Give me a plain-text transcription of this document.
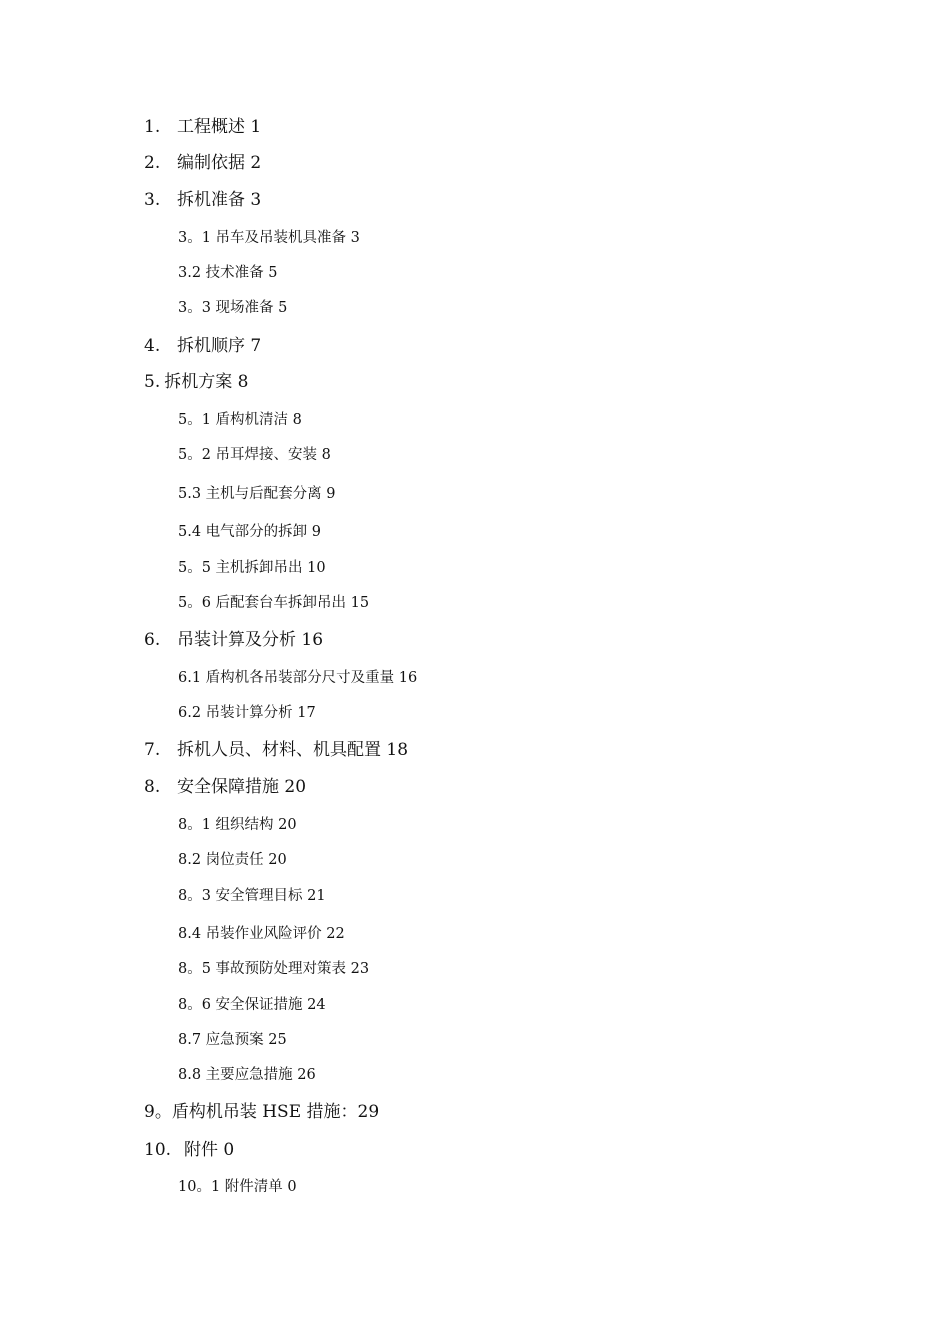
1. 工程概述 1
2. 编制依据 2
3. 拆机准备 3
3。1 吊车及吊装机具准备 3
3.2 技术准备 5
3。3 现场准备 5
4. 拆机顺序 7
5. 拆机方案 8
5。1 盾构机清洁 8
5。2 吊耳焊接、安装 8
5.3 主机与后配套分离 9
5.4 电气部分的拆卸 9
5。5 主机拆卸吊出 10
5。6 后配套台车拆卸吊出 15
6. 吊装计算及分析 16
6.1 盾构机各吊装部分尺寸及重量 16
6.2 吊装计算分析 17
7. 拆机人员、材料、机具配置 18
8. 安全保障措施 20
8。1 组织结构 20
8.2 岗位责任 20
8。3 安全管理目标 21
8.4 吊装作业风险评价 22
8。5 事故预防处理对策表 23
8。6 安全保证措施 24
8.7 应急预案 25
8.8 主要应急措施 26
9。盾构机吊装 HSE 措施：29
10. 附件 0
10。1 附件清单 0
